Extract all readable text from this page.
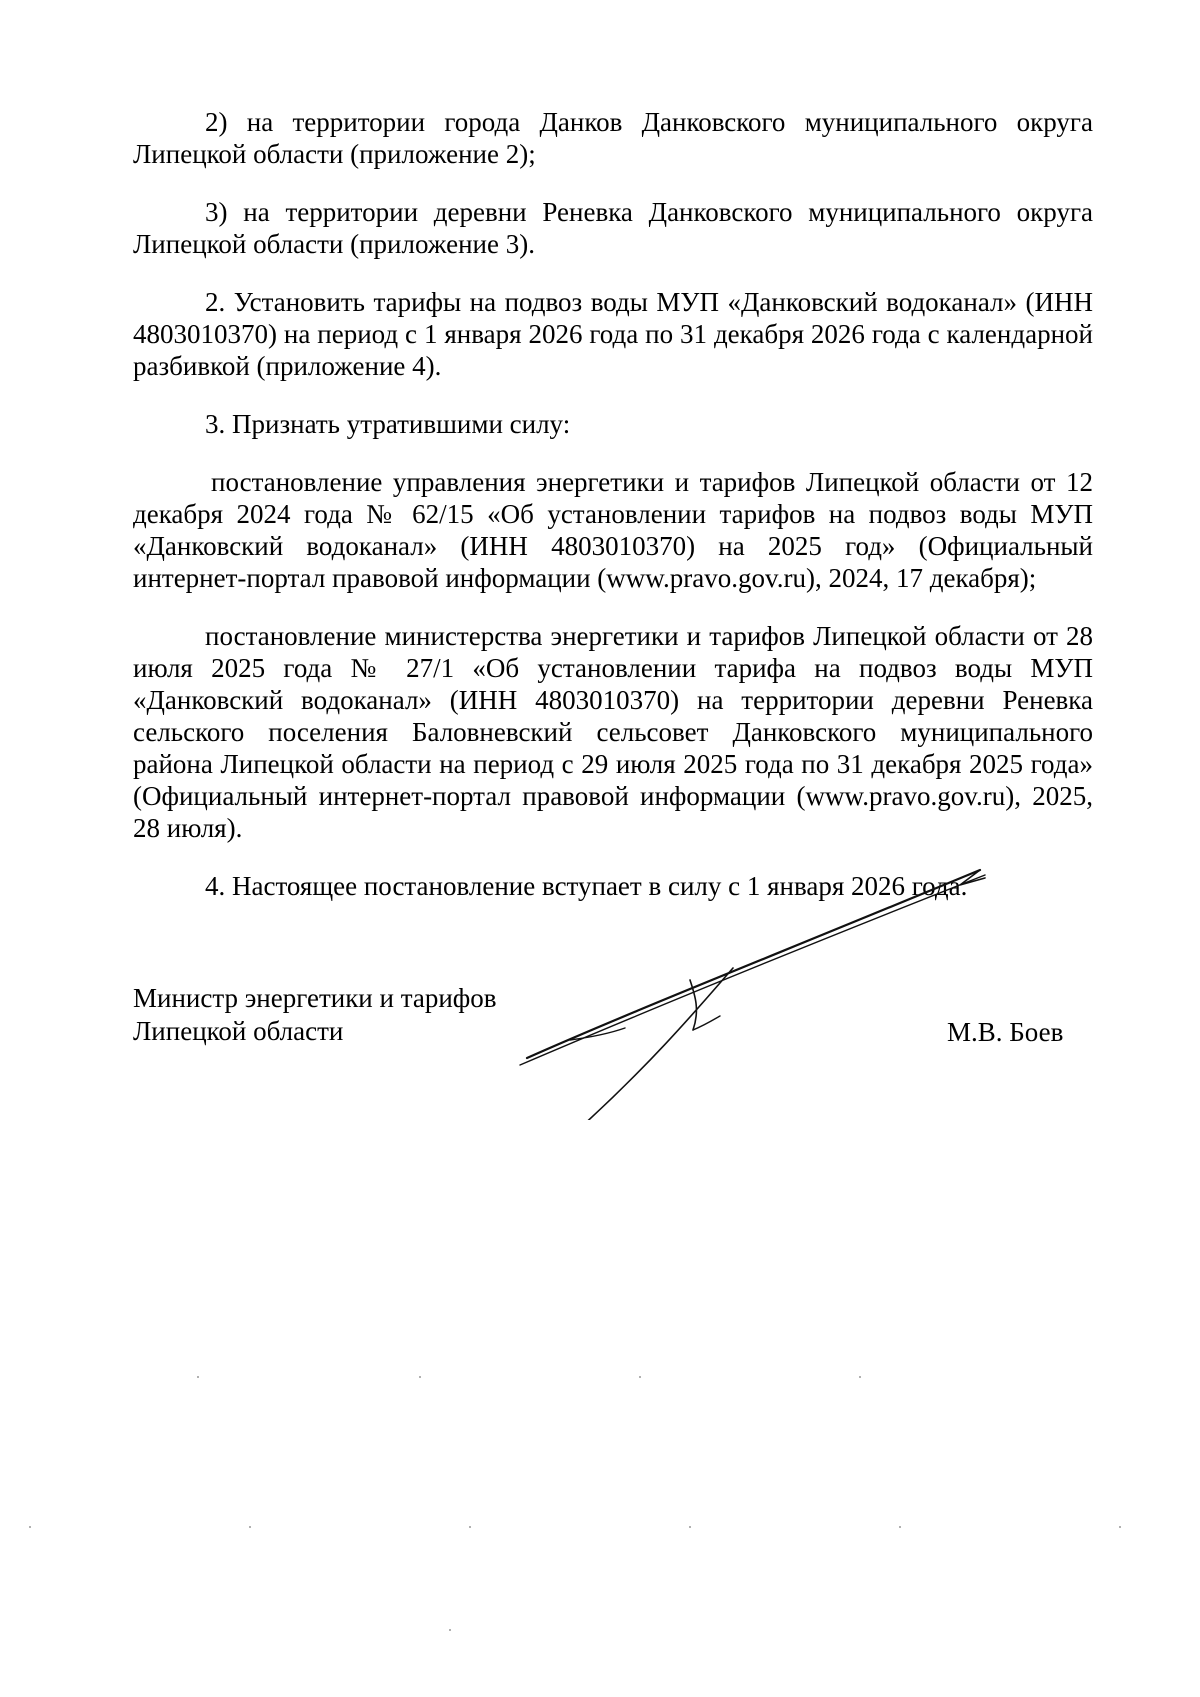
2) на территории города Данков Данковского муниципального округа Липецкой области (приложение 2);

3) на территории деревни Реневка Данковского муниципального округа Липецкой области (приложение 3).

2. Установить тарифы на подвоз воды МУП «Данковский водоканал» (ИНН 4803010370) на период с 1 января 2026 года по 31 декабря 2026 года с календарной разбивкой (приложение 4).

3. Признать утратившими силу:

постановление управления энергетики и тарифов Липецкой области от 12 декабря 2024 года № 62/15 «Об установлении тарифов на подвоз воды МУП «Данковский водоканал» (ИНН 4803010370) на 2025 год» (Официальный интернет-портал правовой информации (www.pravo.gov.ru), 2024, 17 декабря);

постановление министерства энергетики и тарифов Липецкой области от 28 июля 2025 года № 27/1 «Об установлении тарифа на подвоз воды МУП «Данковский водоканал» (ИНН 4803010370) на территории деревни Реневка сельского поселения Баловневский сельсовет Данковского муниципального района Липецкой области на период с 29 июля 2025 года по 31 декабря 2025 года» (Официальный интернет-портал правовой информации (www.pravo.gov.ru), 2025, 28 июля).

4. Настоящее постановление вступает в силу с 1 января 2026 года.

Министр энергетики и тарифов
Липецкой области	М.В. Боев
